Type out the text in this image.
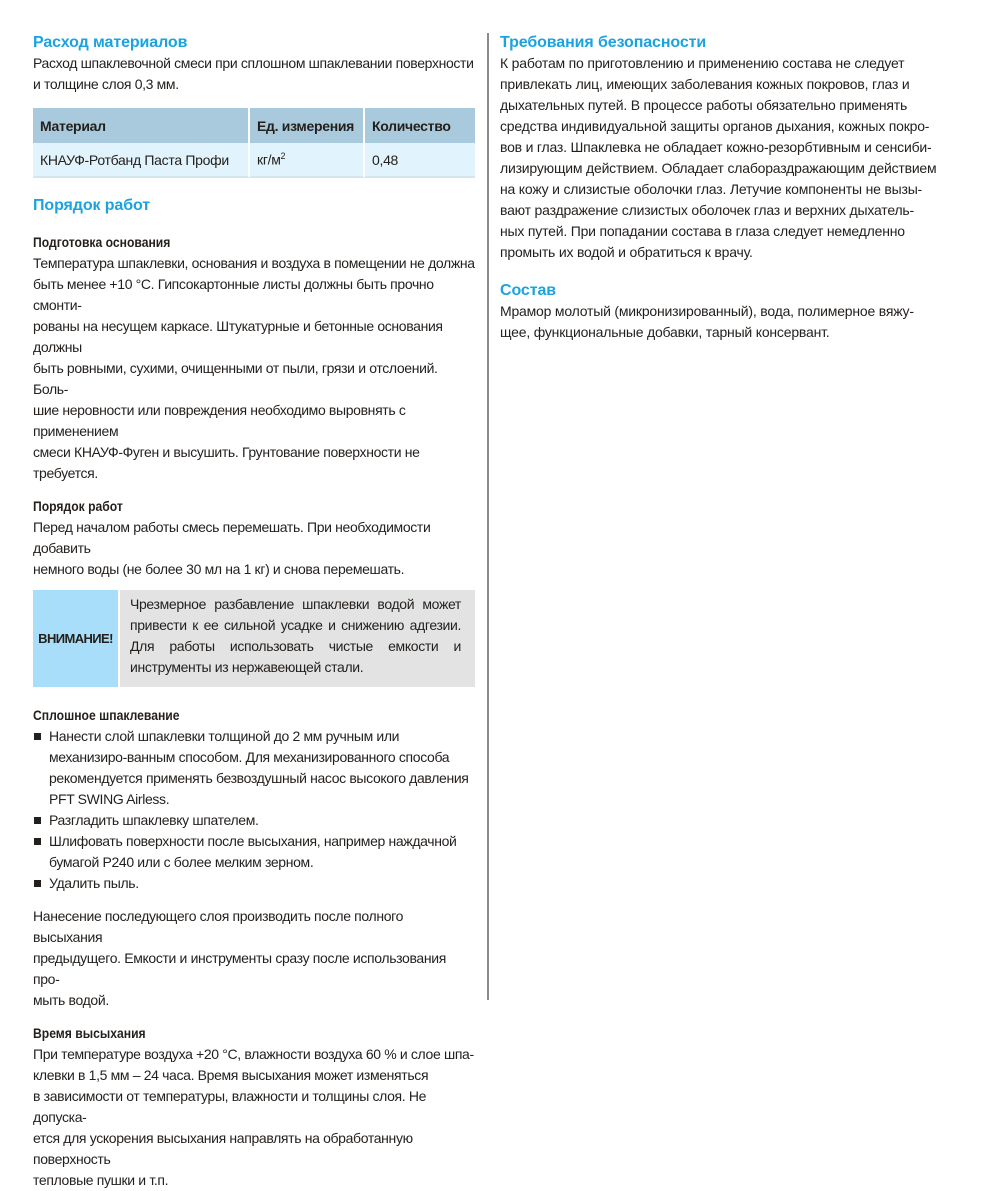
Расход материалов

Расход шпаклевочной смеси при сплошном шпаклевании поверхности

и толщине слоя 0,3 мм.

Материал	Ед. измерения	Количество
КНАУФ-Ротбанд Паста Профи	$кг/м^2$	0,48
Порядок работ
Подготовка основания

Температура шпаклевки, основания и воздуха в помещении не должна

быть менее +10 °С. Гипсокартонные листы должны быть прочно смонти-

рованы на несущем каркасе. Штукатурные и бетонные основания должны

быть ровными, сухими, очищенными от пыли, грязи и отслоений. Боль-

шие неровности или повреждения необходимо выровнять с применением

смеси КНАУФ-Фуген и высушить. Грунтование поверхности не требуется.

Порядок работ

Перед началом работы смесь перемешать. При необходимости добавить

немного воды (не более 30 мл на 1 кг) и снова перемешать.

ВНИМАНИЕ!
Чрезмерное разбавление шпаклевки водой может привести к ее сильной усадке и снижению адгезии. Для работы использовать чистые емкости и инструменты из нержавеющей стали.
Сплошное шпаклевание
Нанести слой шпаклевки толщиной до 2 мм ручным или механизиро-ванным способом. Для механизированного способа рекомендуется применять безвоздушный насос высокого давления PFT SWING Airless.
Разгладить шпаклевку шпателем.
Шлифовать поверхности после высыхания, например наждачной бумагой P240 или с более мелким зерном.
Удалить пыль.

Нанесение последующего слоя производить после полного высыхания

предыдущего. Емкости и инструменты сразу после использования про-

мыть водой.

Время высыхания

При температуре воздуха +20 °С, влажности воздуха 60 % и слое шпа-

клевки в 1,5 мм – 24 часа. Время высыхания может изменяться

в зависимости от температуры, влажности и толщины слоя. Не допуска-

ется для ускорения высыхания направлять на обработанную поверхность

тепловые пушки и т.п.

Требования безопасности

К работам по приготовлению и применению состава не следует

привлекать лиц, имеющих заболевания кожных покровов, глаз и

дыхательных путей. В процессе работы обязательно применять

средства индивидуальной защиты органов дыхания, кожных покро-

вов и глаз. Шпаклевка не обладает кожно-резорбтивным и сенсиби-

лизирующим действием. Обладает слабораздражающим действием

на кожу и слизистые оболочки глаз. Летучие компоненты не вызы-

вают раздражение слизистых оболочек глаз и верхних дыхатель-

ных путей. При попадании состава в глаза следует немедленно

промыть их водой и обратиться к врачу.

Состав

Мрамор молотый (микронизированный), вода, полимерное вяжу-

щее, функциональные добавки, тарный консервант.
